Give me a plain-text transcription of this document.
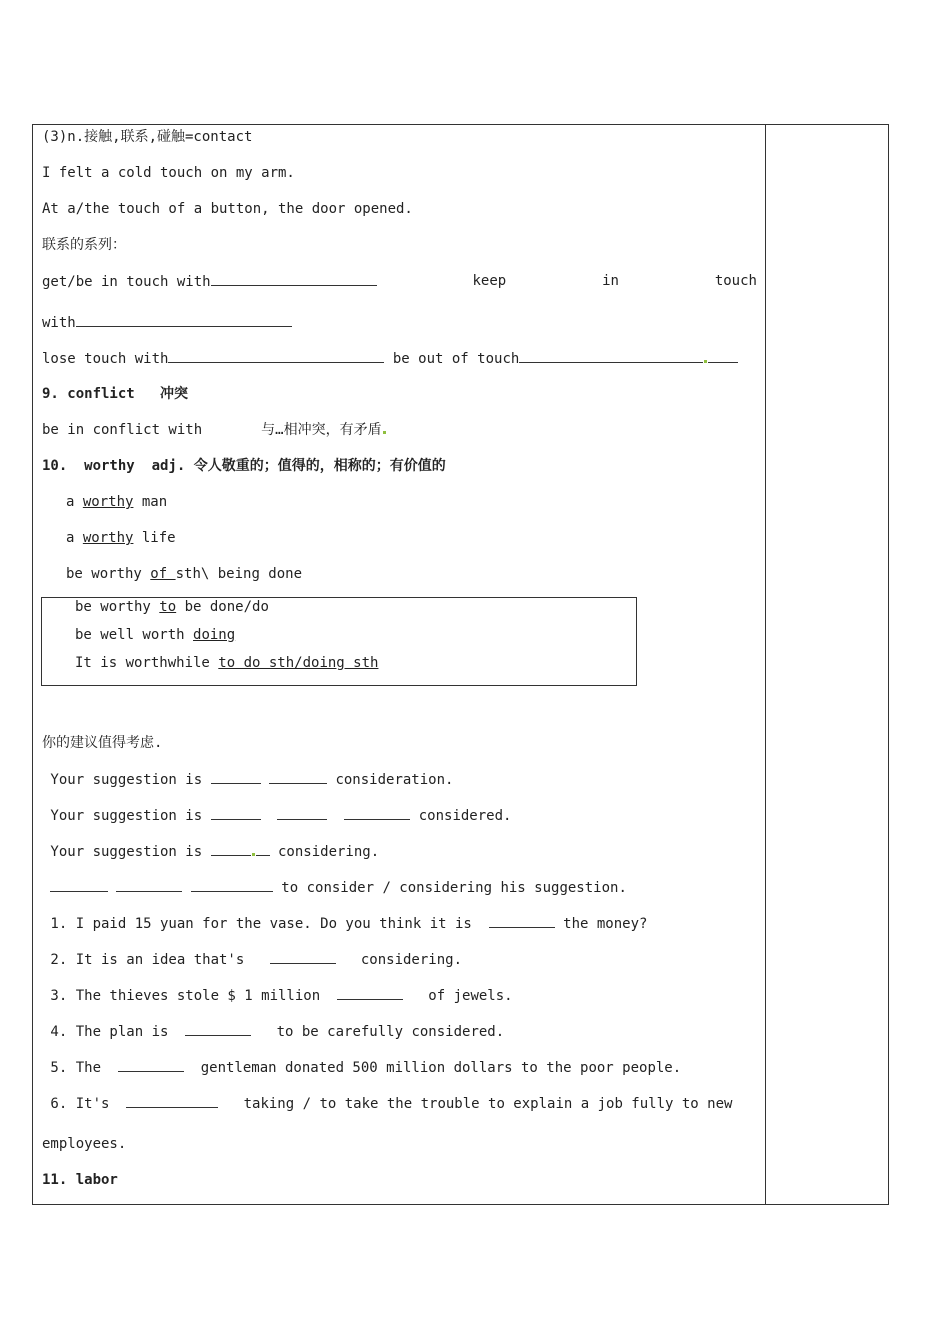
(3)n.接触,联系,碰触=contact
I felt a cold touch on my arm.
At a/the touch of a button, the door opened.
联系的系列：
get/be in touch with	keep	in	touch
with
lose touch with	be out of touch
9. conflict   冲突
be in conflict with       与…相冲突，有矛盾
10.  worthy  adj. 令人敬重的；值得的，相称的；有价值的
a worthy man
a worthy life
be worthy of sth\ being done
be worthy to be done/do
be well worth doing
It is worthwhile to do sth/doing sth
你的建议值得考虑.
Your suggestion is	consideration.
Your suggestion is	considered.
Your suggestion is	considering.
to consider / considering his suggestion.
1. I paid 15 yuan for the vase. Do you think it is	the money?
2. It is an idea that's	considering.
3. The thieves stole $ 1 million	of jewels.
4. The plan is	to be carefully considered.
5. The	gentleman donated 500 million dollars to the poor people.
6. It's	taking / to take the trouble to explain a job fully to new
employees.
11. labor
